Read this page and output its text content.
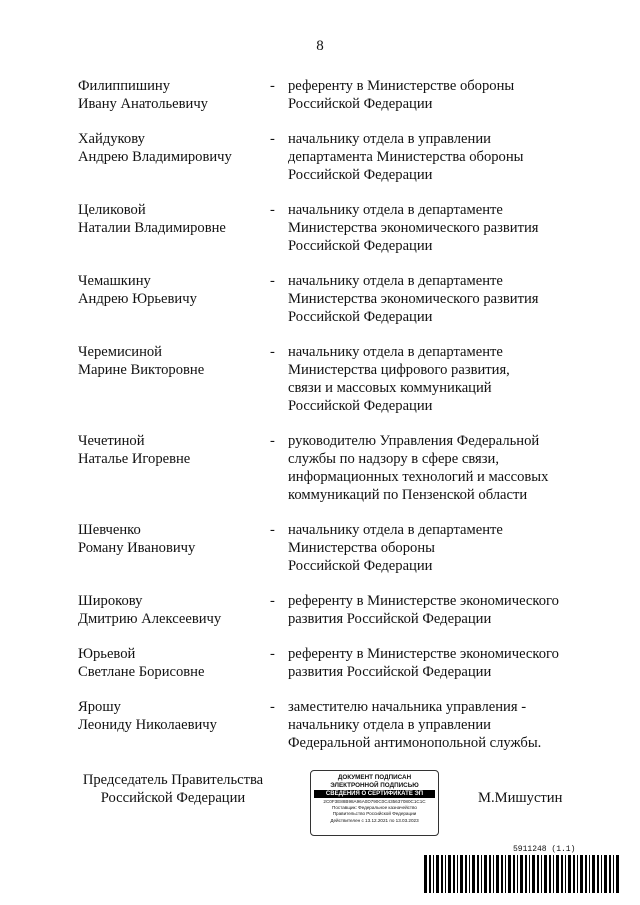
8
Филиппишину
Ивану Анатольевичу
- референту в Министерстве обороны
Российской Федерации
Хайдукову
Андрею Владимировичу
- начальнику отдела в управлении
департамента Министерства обороны
Российской Федерации
Целиковой
Наталии Владимировне
- начальнику отдела в департаменте
Министерства экономического развития
Российской Федерации
Чемашкину
Андрею Юрьевичу
- начальнику отдела в департаменте
Министерства экономического развития
Российской Федерации
Черемисиной
Марине Викторовне
- начальнику отдела в департаменте
Министерства цифрового развития,
связи и массовых коммуникаций
Российской Федерации
Чечетиной
Наталье Игоревне
- руководителю Управления Федеральной
службы по надзору в сфере связи,
информационных технологий и массовых
коммуникаций по Пензенской области
Шевченко
Роману Ивановичу
- начальнику отдела в департаменте
Министерства обороны
Российской Федерации
Широкову
Дмитрию Алексеевичу
- референту в Министерстве экономического
развития Российской Федерации
Юрьевой
Светлане Борисовне
- референту в Министерстве экономического
развития Российской Федерации
Ярошу
Леониду Николаевичу
- заместителю начальника управления -
начальнику отдела в управлении
Федеральной антимонопольной службы.
Председатель Правительства
Российской Федерации
ДОКУМЕНТ ПОДПИСАН
ЭЛЕКТРОННОЙ ПОДПИСЬЮ
СВЕДЕНИЯ О СЕРТИФИКАТЕ ЭП
2C0F3E88B98A96A0D790C0C435637080C1C1C
Поставщик: Федеральное казначейство
Правительство Российской Федерации
Действителен с 13.12.2021 по 13.03.2023
М.Мишустин
5911248 (1.1)
